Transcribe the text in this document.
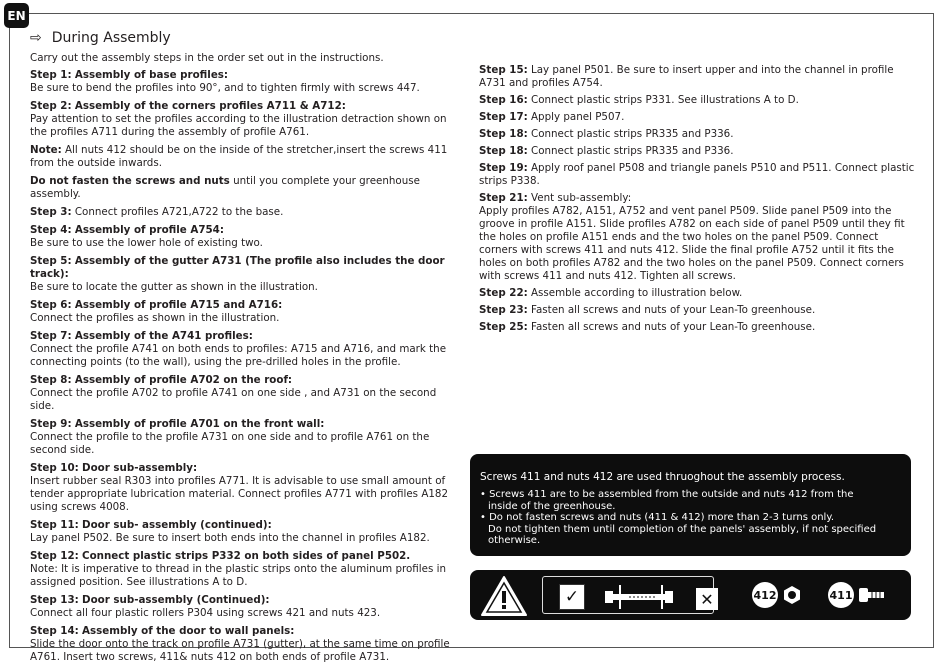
EN
⇨ During Assembly
Carry out the assembly steps in the order set out in the instructions.
Step 1: Assembly of base profiles:
Be sure to bend the profiles into 90°, and to tighten firmly with screws 447.
Step 2: Assembly of the corners profiles A711 & A712:
Pay attention to set the profiles according to the illustration detraction shown on the profiles A711 during the assembly of profile A761.
Note: All nuts 412 should be on the inside of the stretcher,insert the screws 411 from the outside inwards.
Do not fasten the screws and nuts until you complete your greenhouse assembly.
Step 3: Connect profiles A721,A722 to the base.
Step 4: Assembly of profile A754:
Be sure to use the lower hole of existing two.
Step 5: Assembly of the gutter A731 (The profile also includes the door track):
Be sure to locate the gutter as shown in the illustration.
Step 6: Assembly of profile A715 and A716:
Connect the profiles as shown in the illustration.
Step 7: Assembly of the A741 profiles:
Connect the profile A741 on both ends to profiles: A715 and A716, and mark the connecting points (to the wall), using the pre-drilled holes in the profile.
Step 8: Assembly of profile A702 on the roof:
Connect the profile A702 to profile A741 on one side , and A731 on the second side.
Step 9: Assembly of profile A701 on the front wall:
Connect the profile to the profile A731 on one side and to profile A761 on the second side.
Step 10: Door sub-assembly:
Insert rubber seal R303 into profiles A771. It is advisable to use small amount of tender appropriate lubrication material. Connect profiles A771 with profiles A182 using screws 4008.
Step 11: Door sub- assembly (continued):
Lay panel P502. Be sure to insert both ends into the channel in profiles A182.
Step 12: Connect plastic strips P332 on both sides of panel P502.
Note: It is imperative to thread in the plastic strips onto the aluminum profiles in assigned position. See illustrations A to D.
Step 13: Door sub-assembly (Continued):
Connect all four plastic rollers P304 using screws 421 and nuts 423.
Step 14: Assembly of the door to wall panels:
Slide the door onto the track on profile A731 (gutter), at the same time on profile A761. Insert two screws, 411& nuts 412 on both ends of profile A731.
Step 15: Lay panel P501. Be sure to insert upper and into the channel in profile A731 and profiles A754.
Step 16: Connect plastic strips P331. See illustrations A to D.
Step 17: Apply panel P507.
Step 18: Connect plastic strips PR335 and P336.
Step 18: Connect plastic strips PR335 and P336.
Step 19: Apply roof panel P508 and triangle panels P510 and P511. Connect plastic strips P338.
Step 21: Vent sub-assembly:
Apply profiles A782, A151, A752 and vent panel P509. Slide panel P509 into the groove in profile A151. Slide profiles A782 on each side of panel P509 until they fit the holes on profile A151 ends and the two holes on the panel P509. Connect corners with screws 411 and nuts 412. Slide the final profile A752 until it fits the holes on both profiles A782 and the two holes on the panel P509. Connect corners with screws 411 and nuts 412. Tighten all screws.
Step 22: Assemble according to illustration below.
Step 23: Fasten all screws and nuts of your Lean-To greenhouse.
Step 25: Fasten all screws and nuts of your Lean-To greenhouse.
Screws 411 and nuts 412 are used thruoghout the assembly process.
• Screws 411 are to be assembled from the outside and nuts 412 from the
inside of the greenhouse.
• Do not fasten screws and nuts (411 & 412) more than 2-3 turns only.
Do not tighten them until completion of the panels' assembly, if not specified otherwise.
✓	✕	412	411
